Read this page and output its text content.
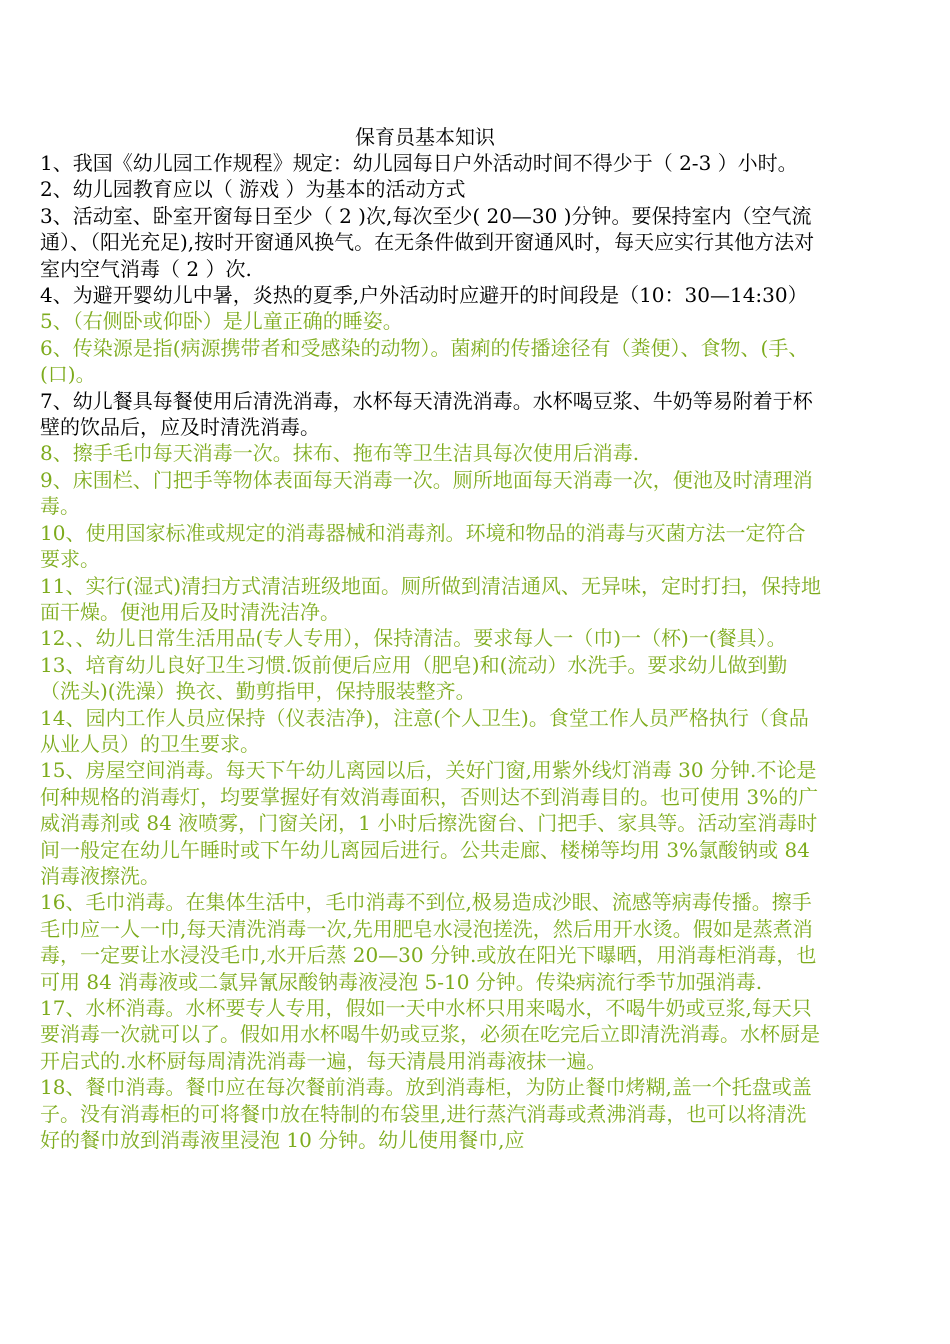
保育员基本知识

1、我国《幼儿园工作规程》规定：幼儿园每日户外活动时间不得少于（ 2-3 ）小时。

2、幼儿园教育应以（ 游戏 ）为基本的活动方式

3、活动室、卧室开窗每日至少（ 2 )次,每次至少( 20—30 )分钟。要保持室内（空气流通）、（阳光充足),按时开窗通风换气。在无条件做到开窗通风时，每天应实行其他方法对室内空气消毒（ 2 ）次.

4、为避开婴幼儿中暑，炎热的夏季,户外活动时应避开的时间段是（10：30—14:30）

5、（右侧卧或仰卧）是儿童正确的睡姿。

6、传染源是指(病源携带者和受感染的动物）。菌痢的传播途径有（粪便）、食物、(手、(口)。

7、幼儿餐具每餐使用后清洗消毒，水杯每天清洗消毒。水杯喝豆浆、牛奶等易附着于杯壁的饮品后，应及时清洗消毒。

8、擦手毛巾每天消毒一次。抹布、拖布等卫生洁具每次使用后消毒.

9、床围栏、门把手等物体表面每天消毒一次。厕所地面每天消毒一次，便池及时清理消毒。

10、使用国家标准或规定的消毒器械和消毒剂。环境和物品的消毒与灭菌方法一定符合要求。

11、实行(湿式)清扫方式清洁班级地面。厕所做到清洁通风、无异味，定时打扫，保持地面干燥。便池用后及时清洗洁净。

12、、幼儿日常生活用品(专人专用），保持清洁。要求每人一（巾)一（杯)一(餐具）。

13、培育幼儿良好卫生习惯.饭前便后应用（肥皂)和(流动）水洗手。要求幼儿做到勤（洗头)(洗澡）换衣、勤剪指甲，保持服装整齐。

14、园内工作人员应保持（仪表洁净)，注意(个人卫生)。食堂工作人员严格执行（食品从业人员）的卫生要求。

15、房屋空间消毒。每天下午幼儿离园以后，关好门窗,用紫外线灯消毒 30 分钟.不论是何种规格的消毒灯，均要掌握好有效消毒面积，否则达不到消毒目的。也可使用 3%的广威消毒剂或 84 液喷雾，门窗关闭，1 小时后擦洗窗台、门把手、家具等。活动室消毒时间一般定在幼儿午睡时或下午幼儿离园后进行。公共走廊、楼梯等均用 3%氯酸钠或 84 消毒液擦洗。

16、毛巾消毒。在集体生活中，毛巾消毒不到位,极易造成沙眼、流感等病毒传播。擦手毛巾应一人一巾,每天清洗消毒一次,先用肥皂水浸泡搓洗，然后用开水烫。假如是蒸煮消毒，一定要让水浸没毛巾,水开后蒸 20—30 分钟.或放在阳光下曝晒，用消毒柜消毒，也可用 84 消毒液或二氯异氰尿酸钠毒液浸泡 5-10 分钟。传染病流行季节加强消毒.

17、水杯消毒。水杯要专人专用，假如一天中水杯只用来喝水，不喝牛奶或豆浆,每天只要消毒一次就可以了。假如用水杯喝牛奶或豆浆，必须在吃完后立即清洗消毒。水杯厨是开启式的.水杯厨每周清洗消毒一遍，每天清晨用消毒液抹一遍。

18、餐巾消毒。餐巾应在每次餐前消毒。放到消毒柜，为防止餐巾烤糊,盖一个托盘或盖子。没有消毒柜的可将餐巾放在特制的布袋里,进行蒸汽消毒或煮沸消毒，也可以将清洗好的餐巾放到消毒液里浸泡 10 分钟。幼儿使用餐巾,应
